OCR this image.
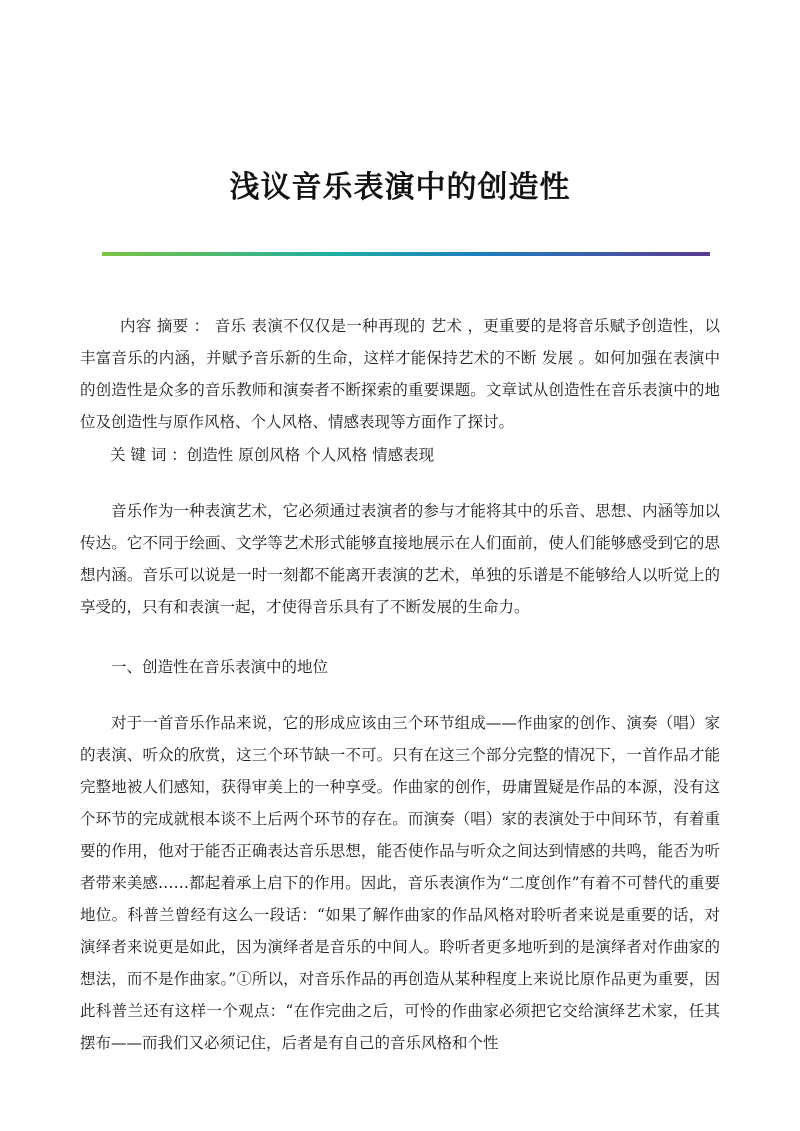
浅议音乐表演中的创造性

内容 摘要 ： 音乐 表演不仅仅是一种再现的 艺术 ，更重要的是将音乐赋予创造性，以丰富音乐的内涵，并赋予音乐新的生命，这样才能保持艺术的不断 发展 。如何加强在表演中的创造性是众多的音乐教师和演奏者不断探索的重要课题。文章试从创造性在音乐表演中的地位及创造性与原作风格、个人风格、情感表现等方面作了探讨。

关 键 词 ：创造性 原创风格 个人风格 情感表现

音乐作为一种表演艺术，它必须通过表演者的参与才能将其中的乐音、思想、内涵等加以传达。它不同于绘画、文学等艺术形式能够直接地展示在人们面前，使人们能够感受到它的思想内涵。音乐可以说是一时一刻都不能离开表演的艺术，单独的乐谱是不能够给人以听觉上的享受的，只有和表演一起，才使得音乐具有了不断发展的生命力。

一、创造性在音乐表演中的地位

对于一首音乐作品来说，它的形成应该由三个环节组成——作曲家的创作、演奏（唱）家的表演、听众的欣赏，这三个环节缺一不可。只有在这三个部分完整的情况下，一首作品才能完整地被人们感知，获得审美上的一种享受。作曲家的创作，毋庸置疑是作品的本源，没有这个环节的完成就根本谈不上后两个环节的存在。而演奏（唱）家的表演处于中间环节，有着重要的作用，他对于能否正确表达音乐思想，能否使作品与听众之间达到情感的共鸣，能否为听者带来美感……都起着承上启下的作用。因此，音乐表演作为“二度创作”有着不可替代的重要地位。科普兰曾经有这么一段话：“如果了解作曲家的作品风格对聆听者来说是重要的话，对演绎者来说更是如此，因为演绎者是音乐的中间人。聆听者更多地听到的是演绎者对作曲家的想法，而不是作曲家。”①所以，对音乐作品的再创造从某种程度上来说比原作品更为重要，因此科普兰还有这样一个观点：“在作完曲之后，可怜的作曲家必须把它交给演绎艺术家，任其摆布——而我们又必须记住，后者是有自己的音乐风格和个性
